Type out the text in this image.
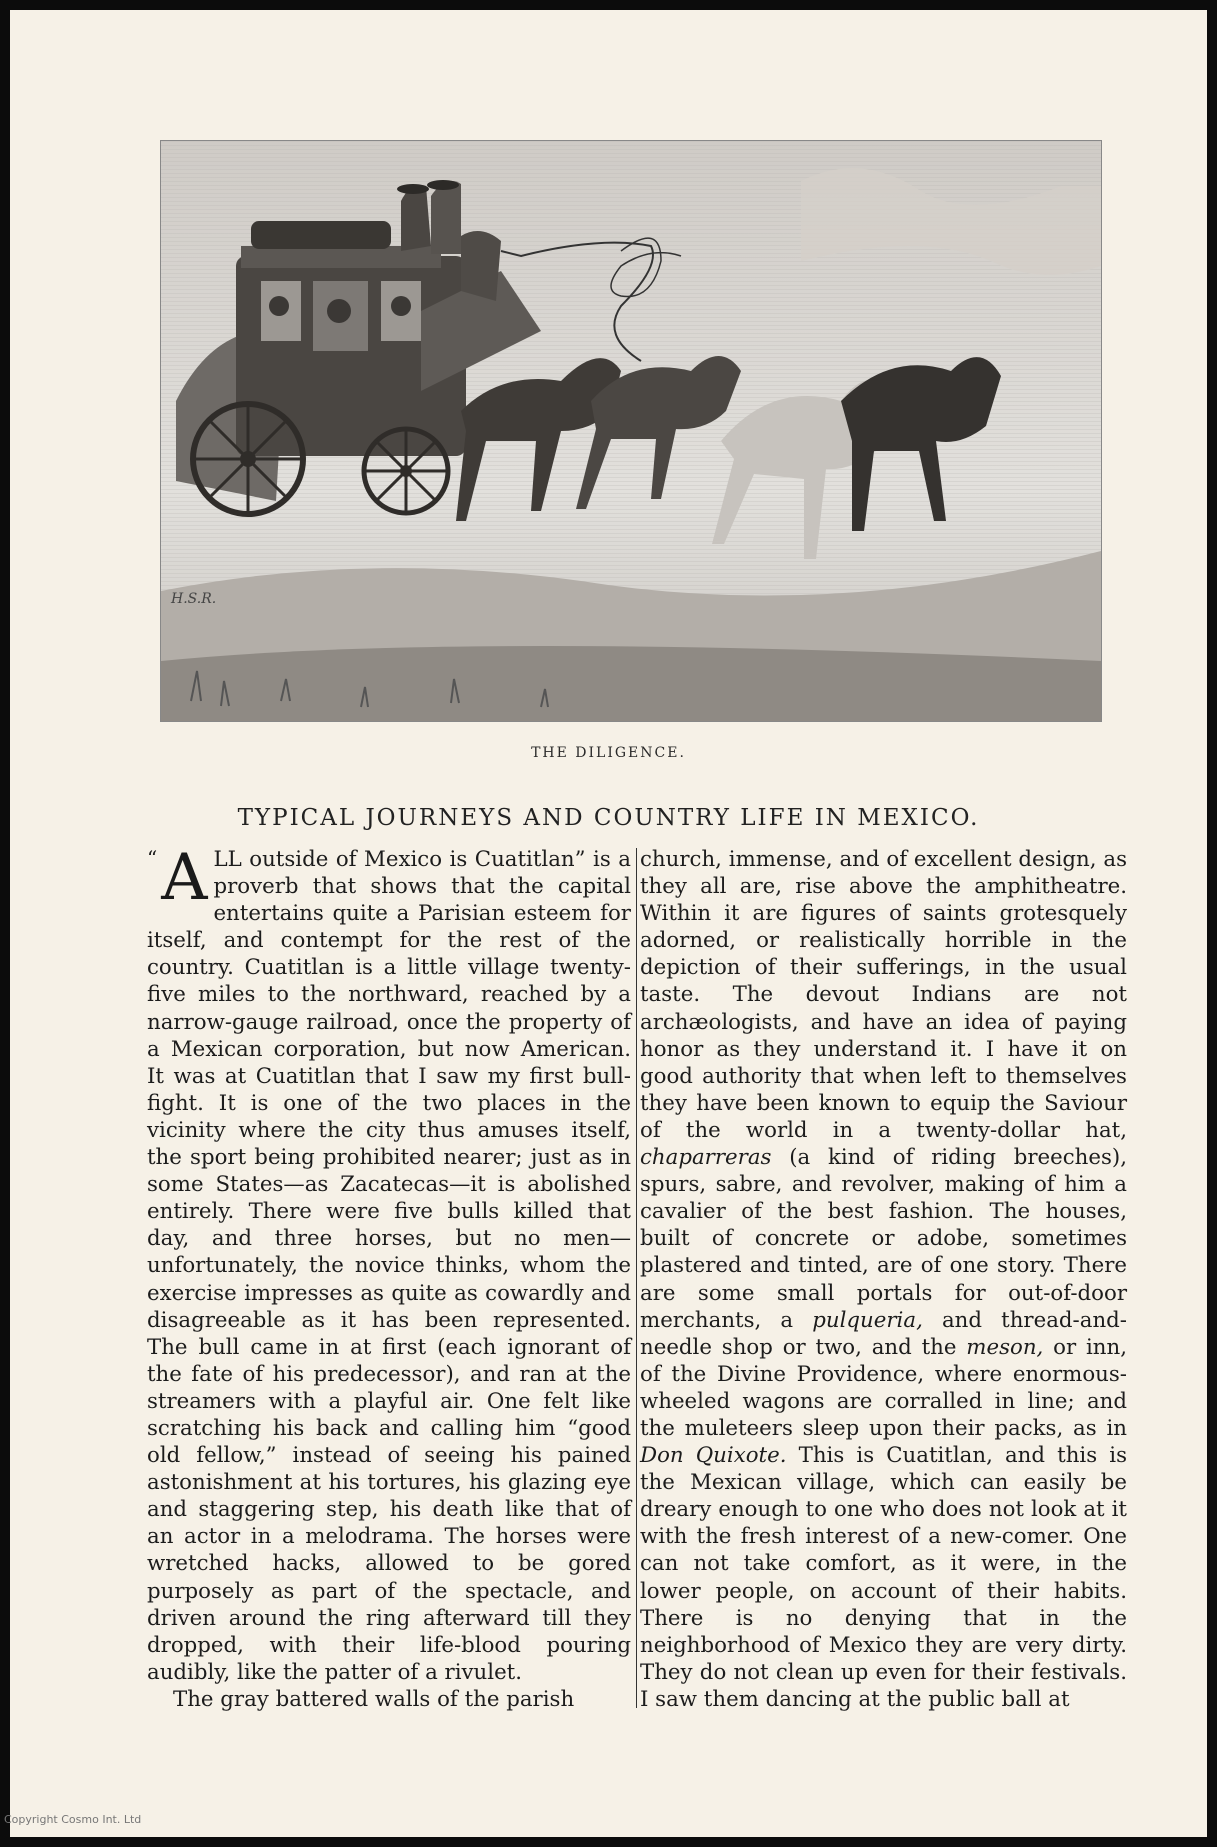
H.S.R.
THE DILIGENCE.
TYPICAL JOURNEYS AND COUNTRY LIFE IN MEXICO.

“ A LL outside of Mexico is Cuatitlan” is a proverb that shows that the capital entertains quite a Parisian esteem for itself, and contempt for the rest of the country. Cuatitlan is a little village twenty-five miles to the northward, reached by a narrow-gauge railroad, once the property of a Mexican corporation, but now American. It was at Cuatitlan that I saw my first bull-fight. It is one of the two places in the vicinity where the city thus amuses itself, the sport being prohibited nearer; just as in some States—as Zacatecas—it is abolished entirely. There were five bulls killed that day, and three horses, but no men—unfortunately, the novice thinks, whom the exercise impresses as quite as cowardly and disagreeable as it has been represented. The bull came in at first (each ignorant of the fate of his predecessor), and ran at the streamers with a playful air. One felt like scratching his back and calling him “good old fellow,” instead of seeing his pained astonishment at his tortures, his glazing eye and staggering step, his death like that of an actor in a melodrama. The horses were wretched hacks, allowed to be gored purposely as part of the spectacle, and driven around the ring afterward till they dropped, with their life-blood pouring audibly, like the patter of a rivulet.

The gray battered walls of the parish

church, immense, and of excellent design, as they all are, rise above the amphitheatre. Within it are figures of saints grotesquely adorned, or realistically horrible in the depiction of their sufferings, in the usual taste. The devout Indians are not archæologists, and have an idea of paying honor as they understand it. I have it on good authority that when left to themselves they have been known to equip the Saviour of the world in a twenty-dollar hat, chaparreras (a kind of riding breeches), spurs, sabre, and revolver, making of him a cavalier of the best fashion. The houses, built of concrete or adobe, sometimes plastered and tinted, are of one story. There are some small portals for out-of-door merchants, a pulqueria, and thread-and-needle shop or two, and the meson, or inn, of the Divine Providence, where enormous-wheeled wagons are corralled in line; and the muleteers sleep upon their packs, as in Don Quixote. This is Cuatitlan, and this is the Mexican village, which can easily be dreary enough to one who does not look at it with the fresh interest of a new-comer. One can not take comfort, as it were, in the lower people, on account of their habits. There is no denying that in the neighborhood of Mexico they are very dirty. They do not clean up even for their festivals. I saw them dancing at the public ball at

Copyright Cosmo Int. Ltd
